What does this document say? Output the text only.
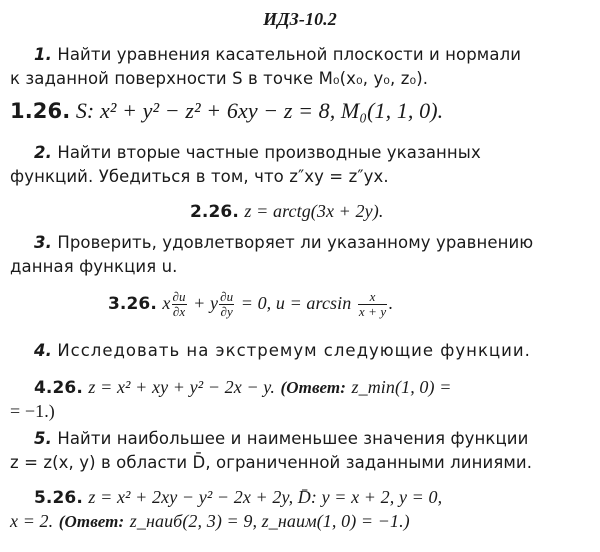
ИДЗ-10.2
1. Найти уравнения касательной плоскости и нормали
к заданной поверхности S в точке M₀(x₀, y₀, z₀).
1.26. S: x² + y² − z² + 6xy − z = 8, M₀(1, 1, 0).
2. Найти вторые частные производные указанных
функций. Убедиться в том, что z″xy = z″yx.
2.26. z = arctg(3x + 2y).
3. Проверить, удовлетворяет ли указанному уравнению
данная функция u.
3.26. x $\frac{\partial u}{\partial x} + y \frac{\partial u}{\partial y} = 0$, $u = \arcsin \frac{x}{x + y}$ .
4. Исследовать на экстремум следующие функции.
4.26. z = x² + xy + y² − 2x − y. (Ответ: z_min(1, 0) =
= −1.)
5. Найти наибольшее и наименьшее значения функции
z = z(x, y) в области D̄, ограниченной заданными линиями.
5.26. z = x² + 2xy − y² − 2x + 2y, D̄: y = x + 2, y = 0,
x = 2. (Ответ: z_наиб(2, 3) = 9, z_наим(1, 0) = −1.)
